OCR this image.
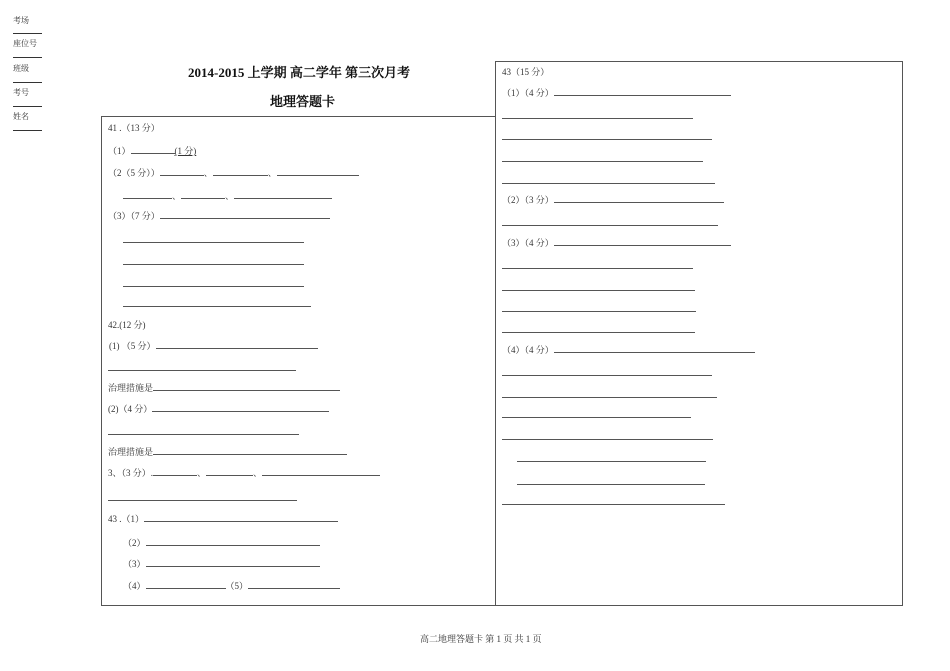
考场
座位号
班级
考号
姓名
2014-2015 上学期 高二学年 第三次月考
地理答题卡
41 .（13 分）
（1）	(1 分)
（2（5 分））	、	、
、	、
（3）（7 分）
42.(12 分)
(1) （5 分）
治理措施是
(2)（4 分）
治理措施是
3、（3 分）.	、	、
43 .（1）
（2）
（3）
（4）	（5）
43（15 分）
（1）（4 分）
（2）（3 分）
（3）（4 分）
（4）（4 分）
高二地理答题卡 第 1 页 共 1 页
